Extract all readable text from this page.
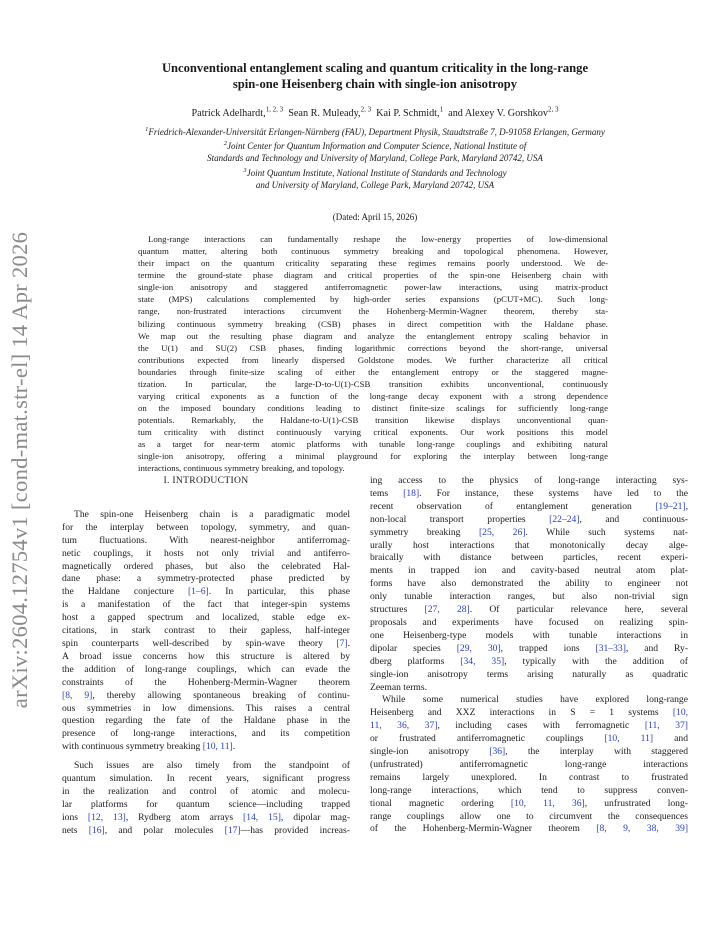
arXiv:2604.12754v1 [cond-mat.str-el] 14 Apr 2026
Unconventional entanglement scaling and quantum criticality in the long-range
spin-one Heisenberg chain with single-ion anisotropy
Patrick Adelhardt,$^{1, 2, 3}$  Sean R. Muleady,$^{2, 3}$  Kai P. Schmidt,$^1$  and Alexey V. Gorshkov$^{2, 3}$
$^1$Friedrich-Alexander-Universität Erlangen-Nürnberg (FAU), Department Physik, Staudtstraße 7, D-91058 Erlangen, Germany
$^2$Joint Center for Quantum Information and Computer Science, National Institute of
Standards and Technology and University of Maryland, College Park, Maryland 20742, USA
$^3$Joint Quantum Institute, National Institute of Standards and Technology
and University of Maryland, College Park, Maryland 20742, USA
(Dated: April 15, 2026)
Long-range interactions can fundamentally reshape the low-energy properties of low-dimensional
quantum matter, altering both continuous symmetry breaking and topological phenomena. However,
their impact on the quantum criticality separating these regimes remains poorly understood. We de-
termine the ground-state phase diagram and critical properties of the spin-one Heisenberg chain with
single-ion anisotropy and staggered antiferromagnetic power-law interactions, using matrix-product
state (MPS) calculations complemented by high-order series expansions (pCUT+MC). Such long-
range, non-frustrated interactions circumvent the Hohenberg-Mermin-Wagner theorem, thereby sta-
bilizing continuous symmetry breaking (CSB) phases in direct competition with the Haldane phase.
We map out the resulting phase diagram and analyze the entanglement entropy scaling behavior in
the U(1) and SU(2) CSB phases, finding logarithmic corrections beyond the short-range, universal
contributions expected from linearly dispersed Goldstone modes. We further characterize all critical
boundaries through finite-size scaling of either the entanglement entropy or the staggered magne-
tization. In particular, the large-D-to-U(1)-CSB transition exhibits unconventional, continuously
varying critical exponents as a function of the long-range decay exponent with a strong dependence
on the imposed boundary conditions leading to distinct finite-size scalings for sufficiently long-range
potentials. Remarkably, the Haldane-to-U(1)-CSB transition likewise displays unconventional quan-
tum criticality with distinct continuously varying critical exponents. Our work positions this model
as a target for near-term atomic platforms with tunable long-range couplings and exhibiting natural
single-ion anisotropy, offering a minimal playground for exploring the interplay between long-range
interactions, continuous symmetry breaking, and topology.
I. INTRODUCTION
The spin-one Heisenberg chain is a paradigmatic model
for the interplay between topology, symmetry, and quan-
tum fluctuations. With nearest-neighbor antiferromag-
netic couplings, it hosts not only trivial and antiferro-
magnetically ordered phases, but also the celebrated Hal-
dane phase: a symmetry-protected phase predicted by
the Haldane conjecture [1–6]. In particular, this phase
is a manifestation of the fact that integer-spin systems
host a gapped spectrum and localized, stable edge ex-
citations, in stark contrast to their gapless, half-integer
spin counterparts well-described by spin-wave theory [7].
A broad issue concerns how this structure is altered by
the addition of long-range couplings, which can evade the
constraints of the Hohenberg-Mermin-Wagner theorem
[8, 9], thereby allowing spontaneous breaking of continu-
ous symmetries in low dimensions. This raises a central
question regarding the fate of the Haldane phase in the
presence of long-range interactions, and its competition
with continuous symmetry breaking [10, 11].
Such issues are also timely from the standpoint of
quantum simulation. In recent years, significant progress
in the realization and control of atomic and molecu-
lar platforms for quantum science—including trapped
ions [12, 13], Rydberg atom arrays [14, 15], dipolar mag-
nets [16], and polar molecules [17]—has provided increas-
ing access to the physics of long-range interacting sys-
tems [18]. For instance, these systems have led to the
recent observation of entanglement generation [19–21],
non-local transport properties [22–24], and continuous-
symmetry breaking [25, 26]. While such systems nat-
urally host interactions that monotonically decay alge-
braically with distance between particles, recent experi-
ments in trapped ion and cavity-based neutral atom plat-
forms have also demonstrated the ability to engineer not
only tunable interaction ranges, but also non-trivial sign
structures [27, 28]. Of particular relevance here, several
proposals and experiments have focused on realizing spin-
one Heisenberg-type models with tunable interactions in
dipolar species [29, 30], trapped ions [31–33], and Ry-
dberg platforms [34, 35], typically with the addition of
single-ion anisotropy terms arising naturally as quadratic
Zeeman terms.
While some numerical studies have explored long-range
Heisenberg and XXZ interactions in S = 1 systems [10,
11, 36, 37], including cases with ferromagnetic [11, 37]
or frustrated antiferromagnetic couplings [10, 11] and
single-ion anisotropy [36], the interplay with staggered
(unfrustrated) antiferromagnetic long-range interactions
remains largely unexplored. In contrast to frustrated
long-range interactions, which tend to suppress conven-
tional magnetic ordering [10, 11, 36], unfrustrated long-
range couplings allow one to circumvent the consequences
of the Hohenberg-Mermin-Wagner theorem [8, 9, 38, 39]
